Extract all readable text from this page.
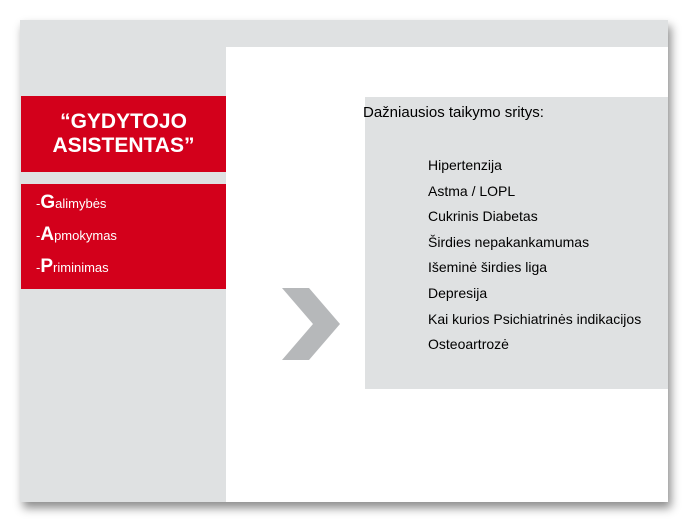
“GYDYTOJO
ASISTENTAS”
-Galimybės
-Apmokymas
-Priminimas
Dažniausios taikymo sritys:
Hipertenzija
Astma / LOPL
Cukrinis Diabetas
Širdies nepakankamumas
Išeminė širdies liga
Depresija
Kai kurios Psichiatrinės indikacijos
Osteoartrozė
